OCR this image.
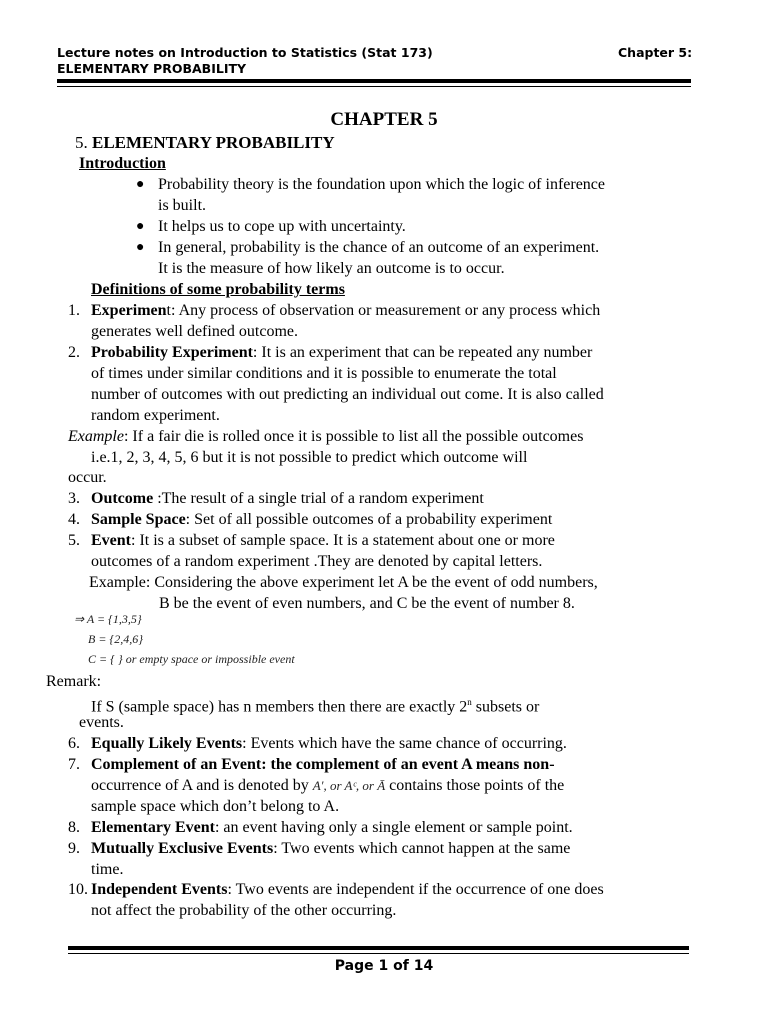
Lecture notes on Introduction to Statistics (Stat 173)
ELEMENTARY PROBABILITY
Chapter 5:
CHAPTER 5
5. ELEMENTARY PROBABILITY
Introduction
● Probability theory is the foundation upon which the logic of inference
is built.
● It helps us to cope up with uncertainty.
● In general, probability is the chance of an outcome of an experiment.
It is the measure of how likely an outcome is to occur.
Definitions of some probability terms
1. Experiment: Any process of observation or measurement or any process which
generates well defined outcome.
2. Probability Experiment: It is an experiment that can be repeated any number
of times under similar conditions and it is possible to enumerate the total
number of outcomes with out predicting an individual out come. It is also called
random experiment.
Example: If a fair die is rolled once it is possible to list all the possible outcomes
i.e.1, 2, 3, 4, 5, 6 but it is not possible to predict which outcome will
occur.
3. Outcome :The result of a single trial of a random experiment
4. Sample Space: Set of all possible outcomes of a probability experiment
5. Event: It is a subset of sample space. It is a statement about one or more
outcomes of a random experiment .They are denoted by capital letters.
Example: Considering the above experiment let A be the event of odd numbers,
B be the event of even numbers, and C be the event of number 8.
⇒ A = {1,3,5}
B = {2,4,6}
C = { } or empty space or impossible event
Remark:
If S (sample space) has n members then there are exactly 2$^n$ subsets or
events.
6. Equally Likely Events: Events which have the same chance of occurring.
7. Complement of an Event: the complement of an event A means non-
occurrence of A and is denoted by A′, or Aᶜ, or Ā contains those points of the
sample space which don’t belong to A.
8. Elementary Event: an event having only a single element or sample point.
9. Mutually Exclusive Events: Two events which cannot happen at the same
time.
10. Independent Events: Two events are independent if the occurrence of one does
not affect the probability of the other occurring.
Page 1 of 14
